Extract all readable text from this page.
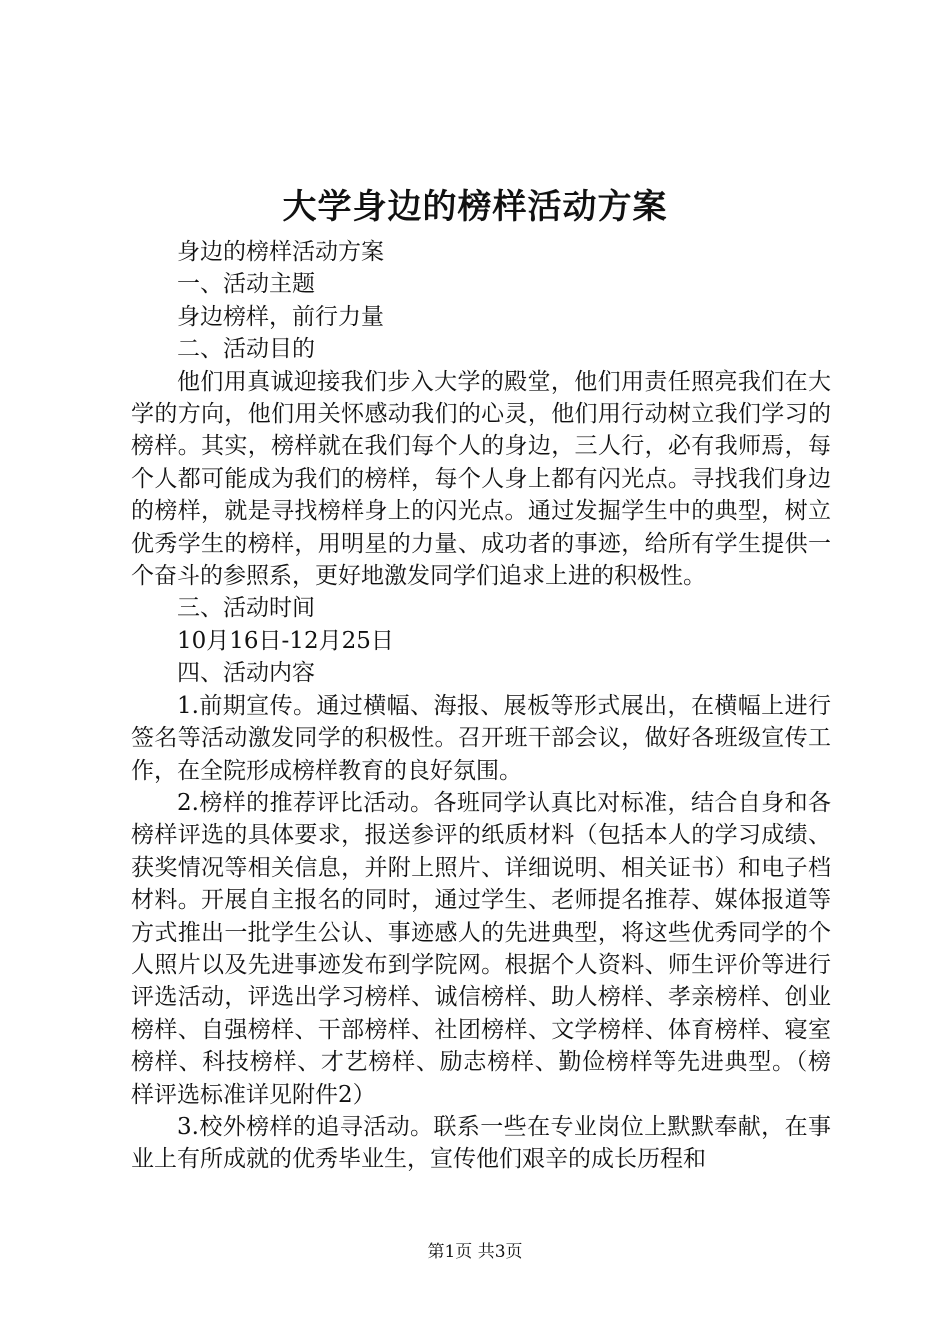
大学身边的榜样活动方案

身边的榜样活动方案

一、活动主题

身边榜样，前行力量

二、活动目的

他们用真诚迎接我们步入大学的殿堂，他们用责任照亮我们在大学的方向，他们用关怀感动我们的心灵，他们用行动树立我们学习的榜样。其实，榜样就在我们每个人的身边，三人行，必有我师焉，每个人都可能成为我们的榜样，每个人身上都有闪光点。寻找我们身边的榜样，就是寻找榜样身上的闪光点。通过发掘学生中的典型，树立优秀学生的榜样，用明星的力量、成功者的事迹，给所有学生提供一个奋斗的参照系，更好地激发同学们追求上进的积极性。

三、活动时间

10月16日-12月25日

四、活动内容

1.前期宣传。通过横幅、海报、展板等形式展出，在横幅上进行签名等活动激发同学的积极性。召开班干部会议，做好各班级宣传工作，在全院形成榜样教育的良好氛围。

2.榜样的推荐评比活动。各班同学认真比对标准，结合自身和各榜样评选的具体要求，报送参评的纸质材料（包括本人的学习成绩、获奖情况等相关信息，并附上照片、详细说明、相关证书）和电子档材料。开展自主报名的同时，通过学生、老师提名推荐、媒体报道等方式推出一批学生公认、事迹感人的先进典型，将这些优秀同学的个人照片以及先进事迹发布到学院网。根据个人资料、师生评价等进行评选活动，评选出学习榜样、诚信榜样、助人榜样、孝亲榜样、创业榜样、自强榜样、干部榜样、社团榜样、文学榜样、体育榜样、寝室榜样、科技榜样、才艺榜样、励志榜样、勤俭榜样等先进典型。（榜样评选标准详见附件2）

3.校外榜样的追寻活动。联系一些在专业岗位上默默奉献，在事业上有所成就的优秀毕业生，宣传他们艰辛的成长历程和

第1页 共3页
